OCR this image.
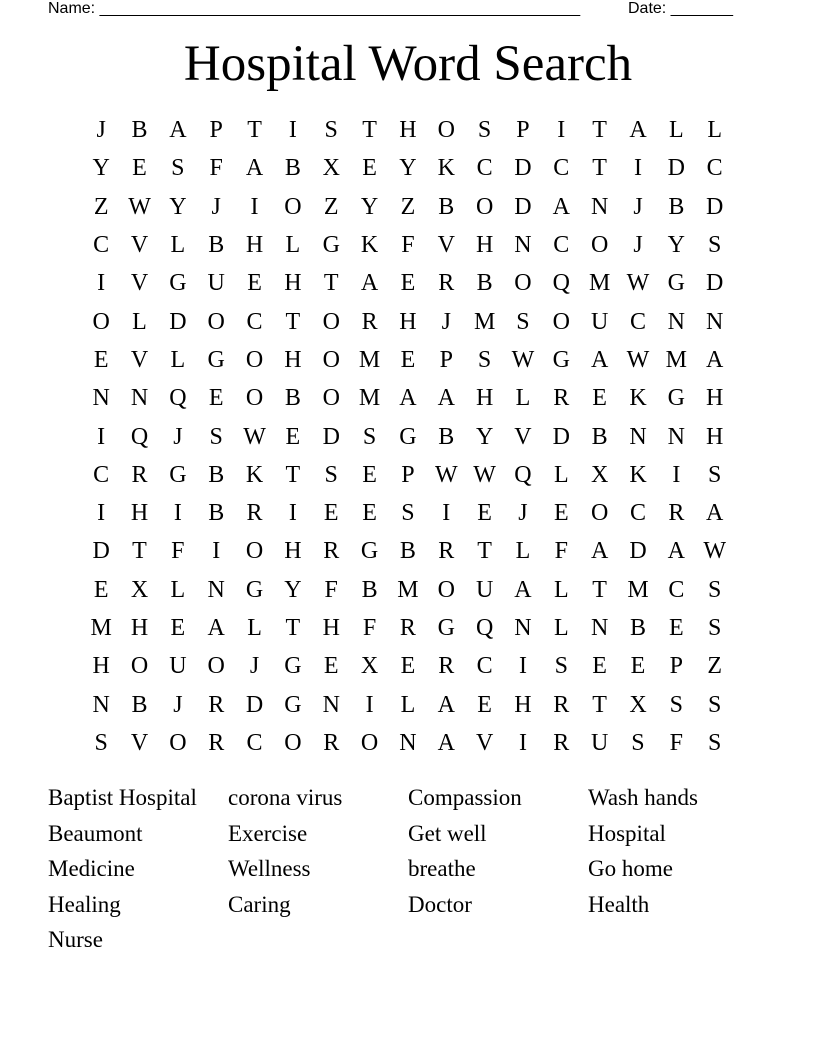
Name: ______________________________________________________	Date: _______
Hospital Word Search
J	B A P	T	I	S	T H O S	P	I	T A L L
Y E	S	F A B X E Y K C D C T	I	D C
Z W Y	J	I	O Z Y Z B O D A N	J	B D
C V L B H L G K F V H N C O	J	Y S
I	V G U E H T A E R B O Q M W G D
O L D O C T O R H	J M S O U C N N
E V L G O H O M E	P	S W G A W M A
N N Q E O B O M A A H L R E K G H
I	Q	J	S W E D S G B Y V D B N N H
C R G B K T	S	E	P W W Q L X K	I	S
I	H	I	B R	I	E E	S	I	E	J	E O C R A
D T	F	I	O H R G B R T L	F A D A W
E X L N G Y F B M O U A L T M C S
M H E A L T H F R G Q N L N B E	S
H O U O	J	G E X E R C	I	S	E E	P	Z
N B	J	R D G N	I	L A E H R T X S	S
S V O R C O R O N A V	I	R U S	F	S
Baptist Hospital	corona virus	Compassion	Wash hands
Beaumont	Exercise	Get well	Hospital
Medicine	Wellness	breathe	Go home
Healing	Caring	Doctor	Health
Nurse
